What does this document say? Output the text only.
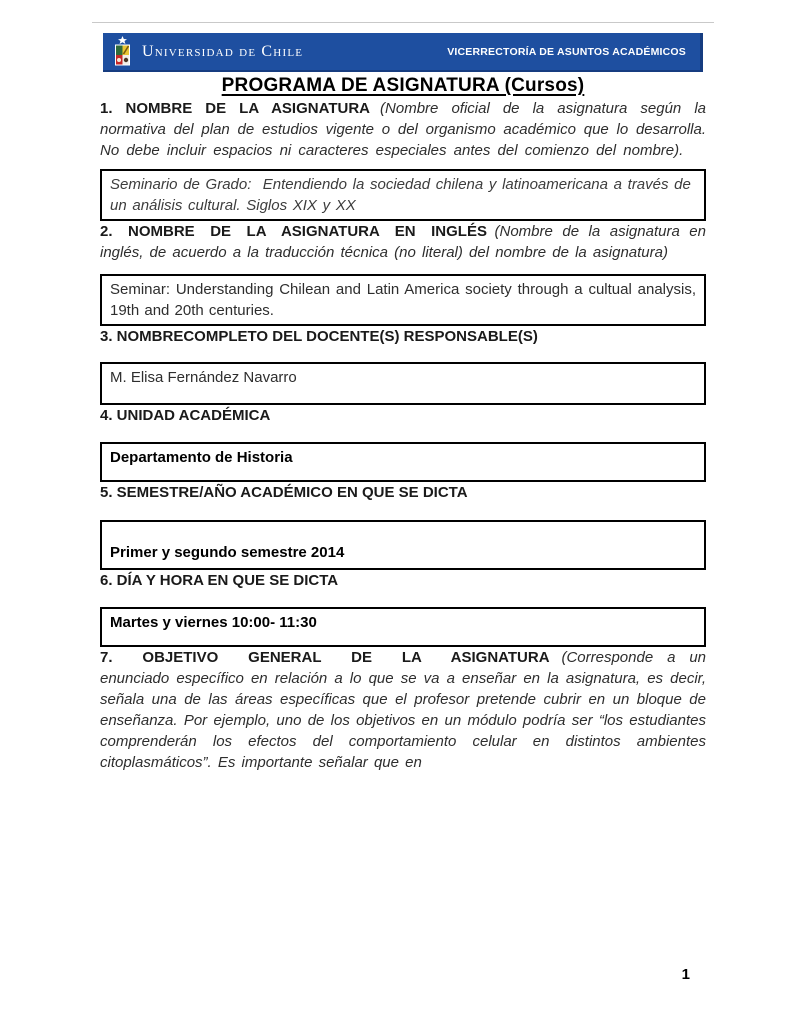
Universidad de Chile	VICERRECTORÍA DE ASUNTOS ACADÉMICOS
PROGRAMA DE ASIGNATURA (Cursos)

1. NOMBRE DE LA ASIGNATURA (Nombre oficial de la asignatura según la normativa del plan de estudios vigente o del organismo académico que lo desarrolla. No debe incluir espacios ni caracteres especiales antes del comienzo del nombre).

Seminario de Grado:  Entendiendo la sociedad chilena y latinoamericana a través de un análisis cultural. Siglos XIX y XX

2. NOMBRE DE LA ASIGNATURA EN INGLÉS (Nombre de la asignatura en inglés, de acuerdo a la traducción técnica (no literal) del nombre de la asignatura)

Seminar: Understanding Chilean and Latin America society through a cultual analysis, 19th and 20th centuries.

3. NOMBRECOMPLETO DEL DOCENTE(S) RESPONSABLE(S)

M. Elisa Fernández Navarro

4. UNIDAD ACADÉMICA

Departamento de Historia

5. SEMESTRE/AÑO ACADÉMICO EN QUE SE DICTA

Primer y segundo semestre 2014

6. DÍA Y HORA EN QUE SE DICTA

Martes y viernes 10:00- 11:30

7. OBJETIVO GENERAL DE LA ASIGNATURA (Corresponde a un enunciado específico en relación a lo que se va a enseñar en la asignatura, es decir, señala una de las áreas específicas que el profesor pretende cubrir en un bloque de enseñanza. Por ejemplo, uno de los objetivos en un módulo podría ser “los estudiantes comprenderán los efectos del comportamiento celular en distintos ambientes citoplasmáticos”. Es importante señalar que en

1
